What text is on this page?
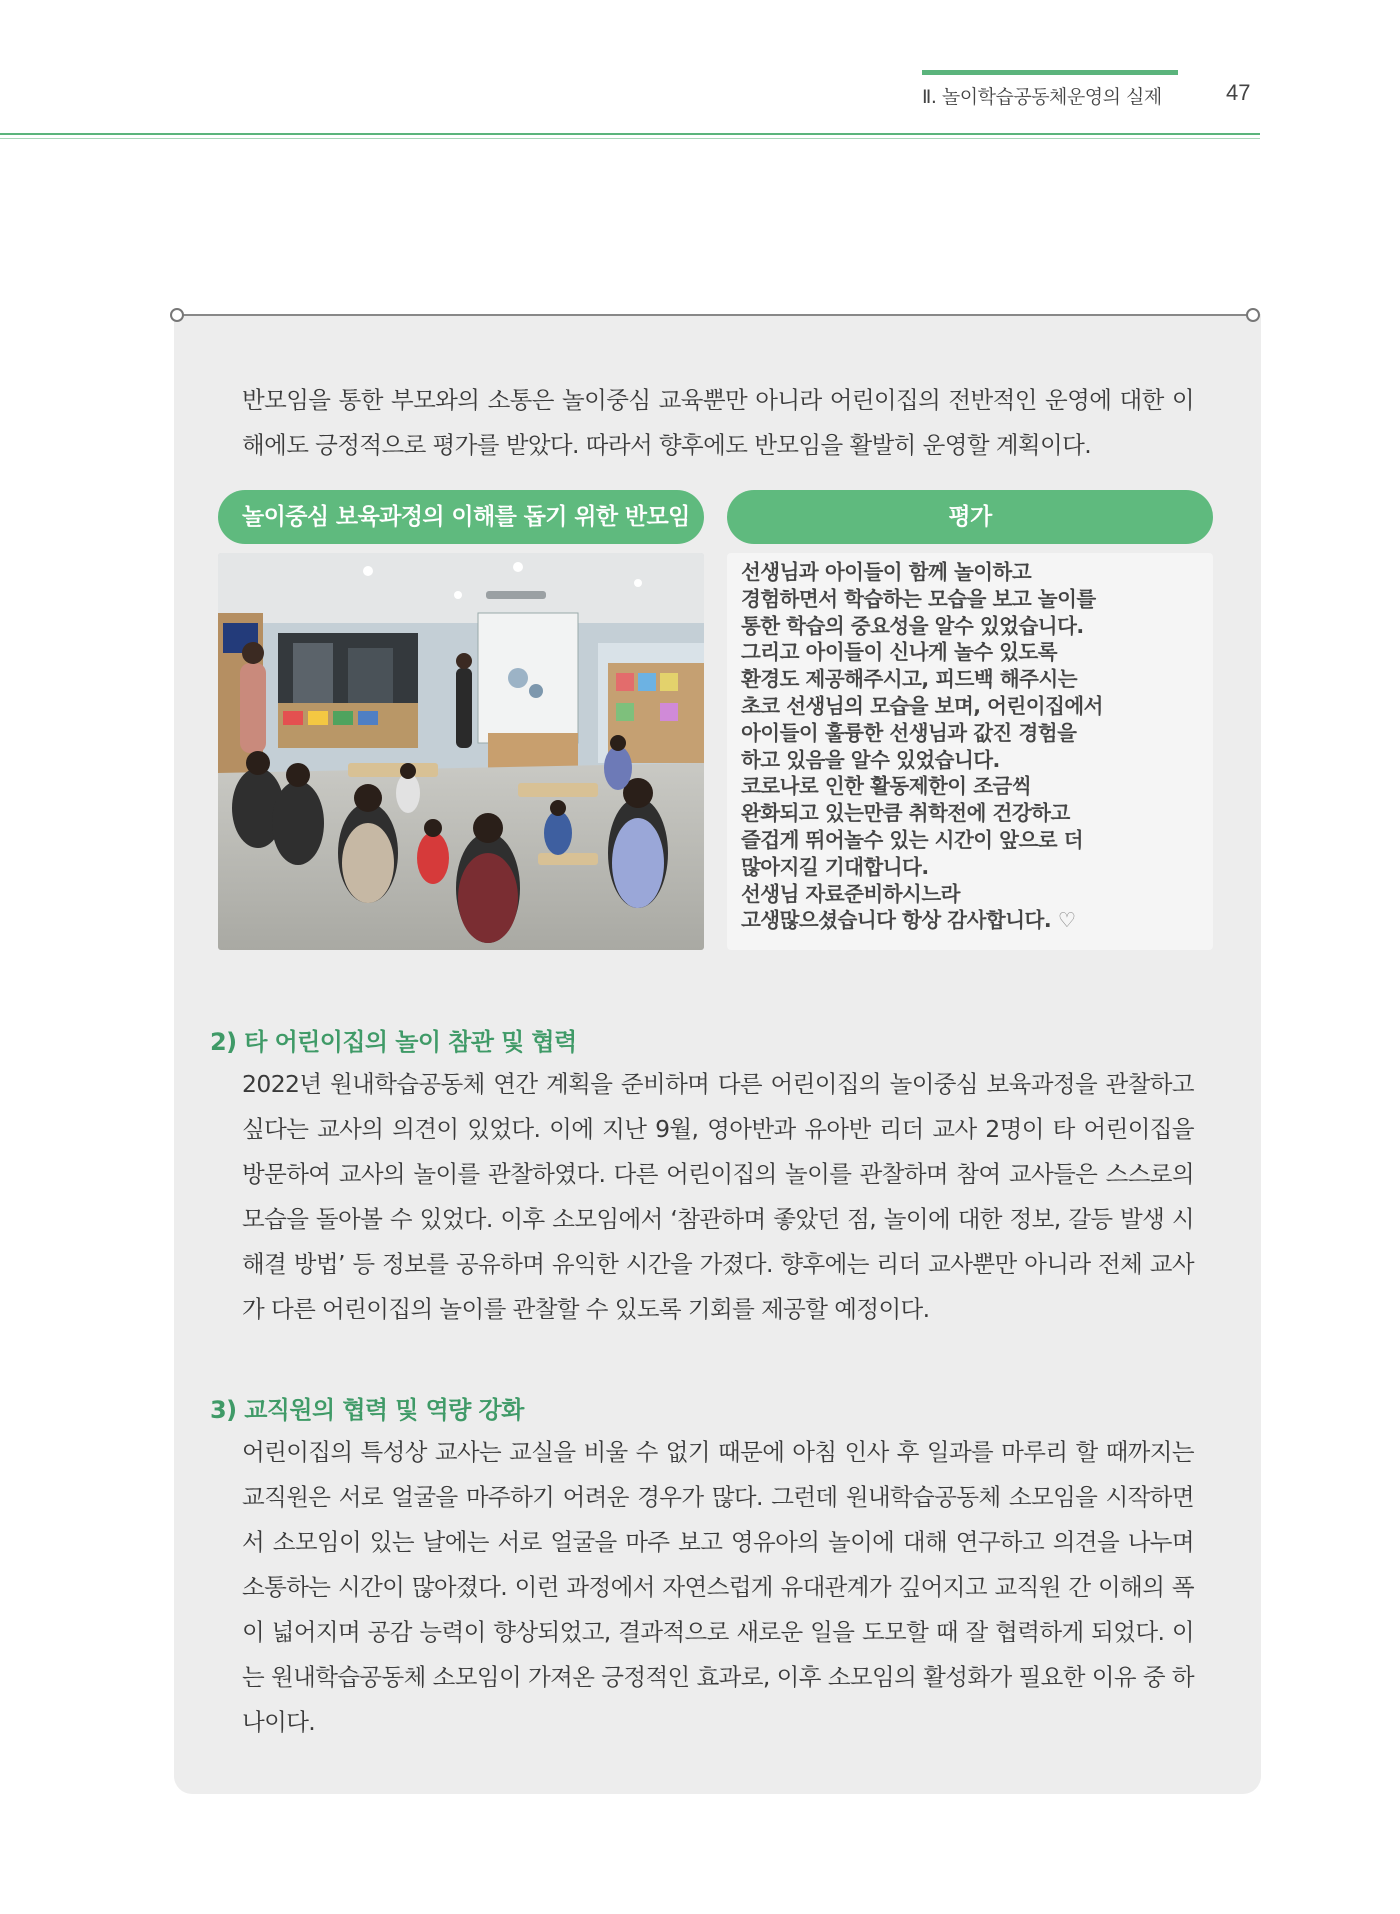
Ⅱ. 놀이학습공동체운영의 실제	47

반모임을 통한 부모와의 소통은 놀이중심 교육뿐만 아니라 어린이집의 전반적인 운영에 대한 이해에도 긍정적으로 평가를 받았다. 따라서 향후에도 반모임을 활발히 운영할 계획이다.

놀이중심 보육과정의 이해를 돕기 위한 반모임	평가
선생님과 아이들이 함께 놀이하고
경험하면서 학습하는 모습을 보고 놀이를
통한 학습의 중요성을 알수 있었습니다.
그리고 아이들이 신나게 놀수 있도록
환경도 제공해주시고, 피드백 해주시는
초코 선생님의 모습을 보며, 어린이집에서
아이들이 훌륭한 선생님과 값진 경험을
하고 있음을 알수 있었습니다.
코로나로 인한 활동제한이 조금씩
완화되고 있는만큼 취학전에 건강하고
즐겁게 뛰어놀수 있는 시간이 앞으로 더
많아지길 기대합니다.
선생님 자료준비하시느라
고생많으셨습니다 항상 감사합니다. ♡
2) 타 어린이집의 놀이 참관 및 협력

2022년 원내학습공동체 연간 계획을 준비하며 다른 어린이집의 놀이중심 보육과정을 관찰하고 싶다는 교사의 의견이 있었다. 이에 지난 9월, 영아반과 유아반 리더 교사 2명이 타 어린이집을 방문하여 교사의 놀이를 관찰하였다. 다른 어린이집의 놀이를 관찰하며 참여 교사들은 스스로의 모습을 돌아볼 수 있었다. 이후 소모임에서 ‘참관하며 좋았던 점, 놀이에 대한 정보, 갈등 발생 시 해결 방법’ 등 정보를 공유하며 유익한 시간을 가졌다. 향후에는 리더 교사뿐만 아니라 전체 교사가 다른 어린이집의 놀이를 관찰할 수 있도록 기회를 제공할 예정이다.

3) 교직원의 협력 및 역량 강화

어린이집의 특성상 교사는 교실을 비울 수 없기 때문에 아침 인사 후 일과를 마루리 할 때까지는 교직원은 서로 얼굴을 마주하기 어려운 경우가 많다. 그런데 원내학습공동체 소모임을 시작하면서 소모임이 있는 날에는 서로 얼굴을 마주 보고 영유아의 놀이에 대해 연구하고 의견을 나누며 소통하는 시간이 많아졌다. 이런 과정에서 자연스럽게 유대관계가 깊어지고 교직원 간 이해의 폭이 넓어지며 공감 능력이 향상되었고, 결과적으로 새로운 일을 도모할 때 잘 협력하게 되었다. 이는 원내학습공동체 소모임이 가져온 긍정적인 효과로, 이후 소모임의 활성화가 필요한 이유 중 하나이다.
